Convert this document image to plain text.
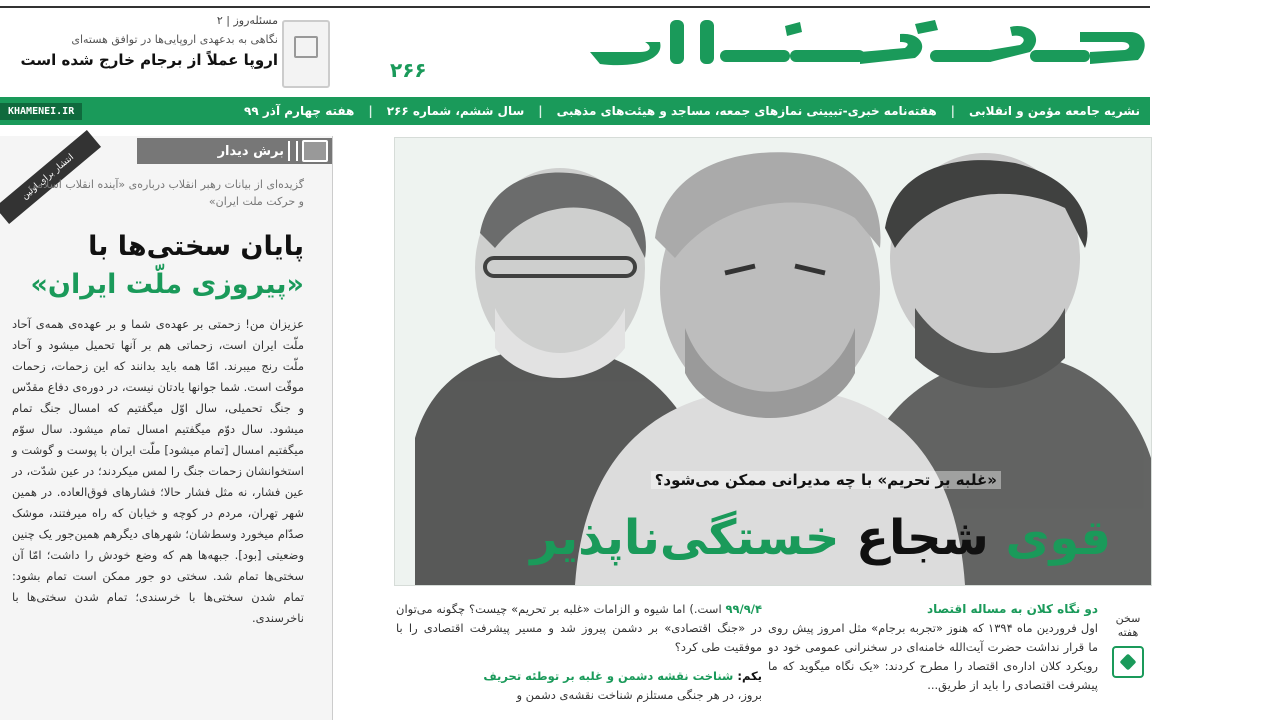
مسئله‌روز | ۲
نگاهی به بدعهدی اروپایی‌ها در توافق هسته‌ای
اروپا عملاً از برجام خارج شده است	۲۶۶
نشریه جامعه مؤمن و انقلابی
|
هفته‌نامه خبری-تبیینی نمازهای جمعه، مساجد و هیئت‌های مذهبی
|
سال ششم، شماره ۲۶۶
|
هفته چهارم آذر ۹۹
KHAMENEI.IR
برش دیدار
انتشار برای اولین
گزیده‌ای از بیانات رهبر انقلاب درباره‌ی «آینده انقلاب اسلامی و حرکت ملت ایران»
پایان سختی‌ها با
«پیروزی ملّت ایران»
عزیزان من! زحمتی بر عهده‌ی شما و بر عهده‌ی همه‌ی آحاد ملّت ایران است، زحماتی هم بر آنها تحمیل میشود و آحاد ملّت رنج میبرند. امّا همه باید بدانند که این زحمات، زحمات موقّت است. شما جوانها یادتان نیست، در دوره‌ی دفاع مقدّس و جنگ تحمیلی، سال اوّل میگفتیم که امسال جنگ تمام میشود. سال دوّم میگفتیم امسال تمام میشود. سال سوّم میگفتیم امسال [تمام میشود] ملّت ایران با پوست و گوشت و استخوانشان زحمات جنگ را لمس میکردند؛ در عین شدّت، در عین فشار، نه مثل فشار حالا؛ فشارهای فوق‌العاده. در همین شهر تهران، مردم در کوچه و خیابان که راه میرفتند، موشک صدّام میخورد وسط‌شان؛ شهرهای دیگرهم همین‌جور یک چنین وضعیتی [بود]. جبهه‌ها هم که وضع خودش را داشت؛ امّا آن سختی‌ها تمام شد. سختی دو جور ممکن است تمام بشود: تمام شدن سختی‌ها با خرسندی؛ تمام شدن سختی‌ها با ناخرسندی.
«غلبه بر تحریم» با چه مدیرانی ممکن می‌شود؟
قوی شجاع خستگی‌ناپذیر
۹۹/۹/۴ است.) اما شیوه و الزامات «غلبه بر تحریم» چیست؟ چگونه می‌توان در «جنگ اقتصادی» بر دشمن پیروز شد و مسیر پیشرفت اقتصادی را با موفقیت طی کرد؟
یکم: شناخت نقشه دشمن و غلبه بر توطئه تحریف
بروز، در هر جنگی مستلزم شناخت نقشه‌ی دشمن و
دو نگاه کلان به مساله اقتصاد
اول فروردین ماه ۱۳۹۴ که هنوز «تجربه برجام» مثل امروز پیش روی ما قرار نداشت حضرت آیت‌الله خامنه‌ای در سخنرانی عمومی خود دو رویکرد کلان اداره‌ی اقتصاد را مطرح کردند: «یک نگاه میگوید که ما پیشرفت اقتصادی را باید از طریق...
سخن
هفته
